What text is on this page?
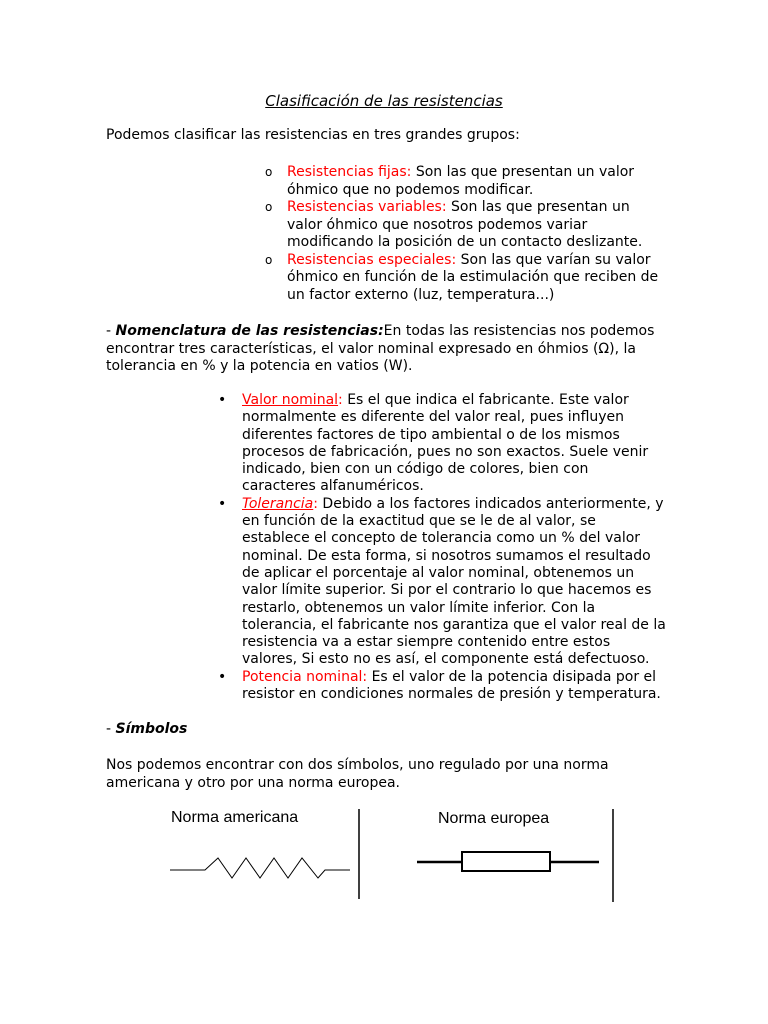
Clasificación de las resistencias

Podemos clasificar las resistencias en tres grandes grupos:

o Resistencias fijas: Son las que presentan un valor óhmico que no podemos modificar.
o Resistencias variables: Son las que presentan un valor óhmico que nosotros podemos variar modificando la posición de un contacto deslizante.
o Resistencias especiales: Son las que varían su valor óhmico en función de la estimulación que reciben de un factor externo (luz, temperatura...)

- Nomenclatura de las resistencias:En todas las resistencias nos podemos encontrar tres características, el valor nominal expresado en óhmios (Ω), la tolerancia en % y la potencia en vatios (W).

• Valor nominal: Es el que indica el fabricante. Este valor normalmente es diferente del valor real, pues influyen diferentes factores de tipo ambiental o de los mismos procesos de fabricación, pues no son exactos. Suele venir indicado, bien con un código de colores, bien con caracteres alfanuméricos.
• Tolerancia: Debido a los factores indicados anteriormente, y en función de la exactitud que se le de al valor, se establece el concepto de tolerancia como un % del valor nominal. De esta forma, si nosotros sumamos el resultado de aplicar el porcentaje al valor nominal, obtenemos un valor límite superior. Si por el contrario lo que hacemos es restarlo, obtenemos un valor límite inferior. Con la tolerancia, el fabricante nos garantiza que el valor real de la resistencia va a estar siempre contenido entre estos valores, Si esto no es así, el componente está defectuoso.
• Potencia nominal: Es el valor de la potencia disipada por el resistor en condiciones normales de presión y temperatura.

- Símbolos

Nos podemos encontrar con dos símbolos, uno regulado por una norma americana y otro por una norma europea.

Norma americana	Norma europea
